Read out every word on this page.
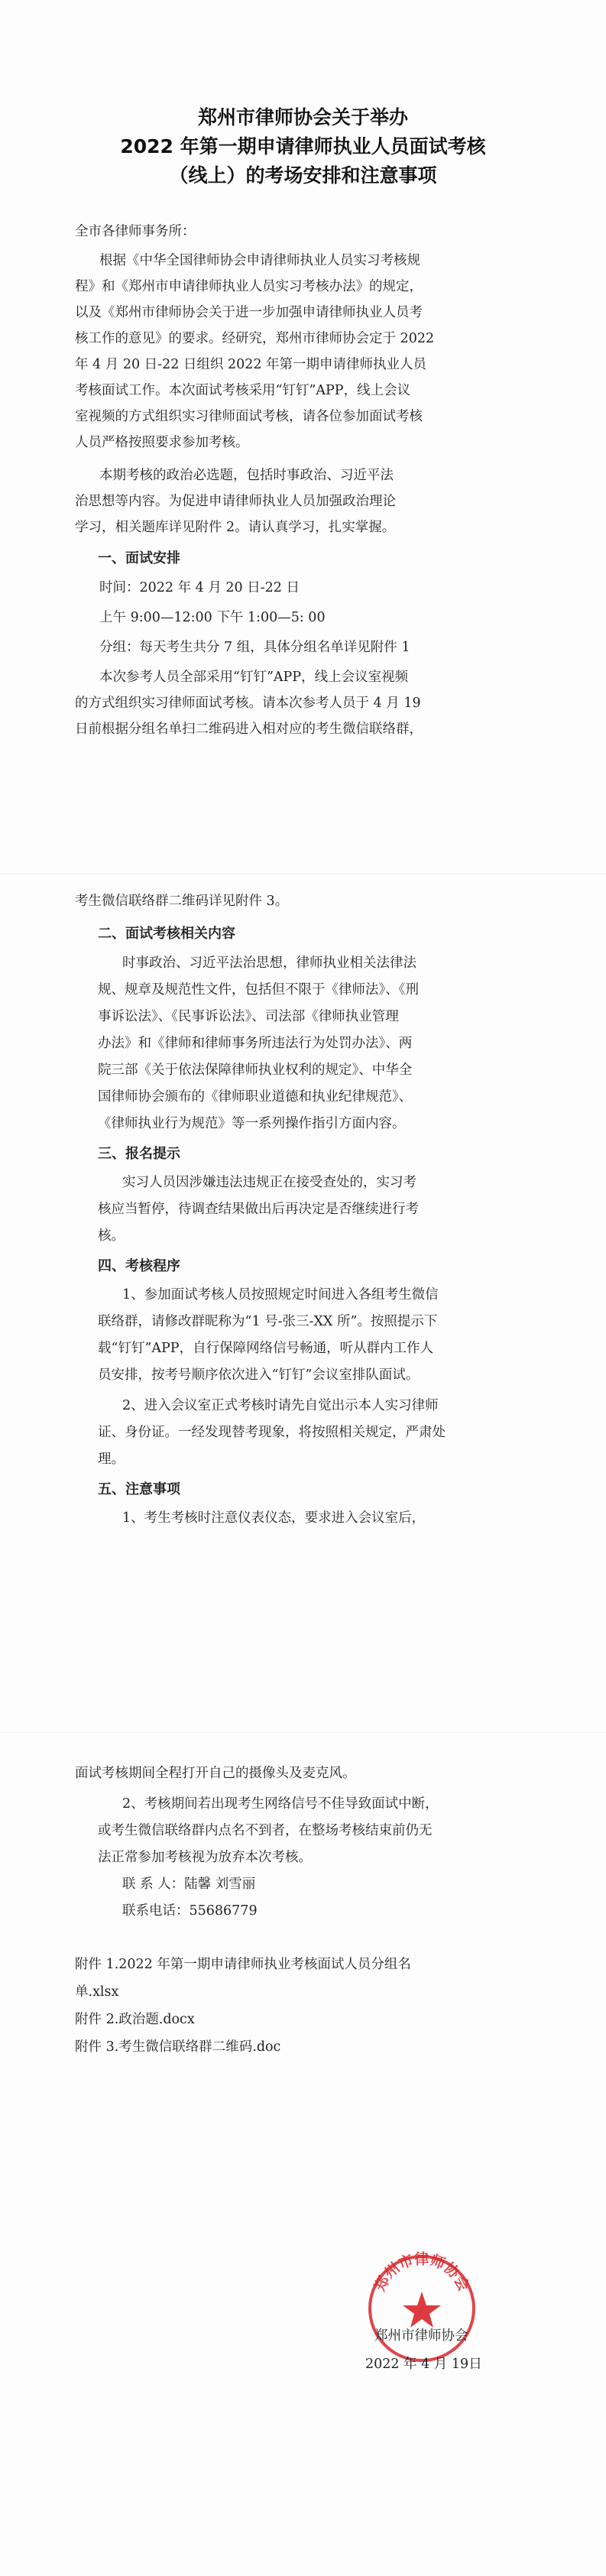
郑州市律师协会关于举办
2022 年第一期申请律师执业人员面试考核
（线上）的考场安排和注意事项

全市各律师事务所：

根据《中华全国律师协会申请律师执业人员实习考核规

程》和《郑州市申请律师执业人员实习考核办法》的规定，

以及《郑州市律师协会关于进一步加强申请律师执业人员考

核工作的意见》的要求。经研究，郑州市律师协会定于 2022

年 4 月 20 日-22 日组织 2022 年第一期申请律师执业人员

考核面试工作。本次面试考核采用“钉钉”APP，线上会议

室视频的方式组织实习律师面试考核，请各位参加面试考核

人员严格按照要求参加考核。

本期考核的政治必选题，包括时事政治、习近平法

治思想等内容。为促进申请律师执业人员加强政治理论

学习，相关题库详见附件 2。请认真学习，扎实掌握。

一、面试安排

时间：2022 年 4 月 20 日-22 日

上午 9:00—12:00 下午 1:00—5: 00

分组：每天考生共分 7 组，具体分组名单详见附件 1

本次参考人员全部采用“钉钉”APP，线上会议室视频

的方式组织实习律师面试考核。请本次参考人员于 4 月 19

日前根据分组名单扫二维码进入相对应的考生微信联络群，

考生微信联络群二维码详见附件 3。

二、面试考核相关内容

时事政治、习近平法治思想，律师执业相关法律法

规、规章及规范性文件，包括但不限于《律师法》、《刑

事诉讼法》、《民事诉讼法》、司法部《律师执业管理

办法》和《律师和律师事务所违法行为处罚办法》、两

院三部《关于依法保障律师执业权利的规定》、中华全

国律师协会颁布的《律师职业道德和执业纪律规范》、

《律师执业行为规范》等一系列操作指引方面内容。

三、报名提示

实习人员因涉嫌违法违规正在接受查处的，实习考

核应当暂停，待调查结果做出后再决定是否继续进行考

核。

四、考核程序

1、参加面试考核人员按照规定时间进入各组考生微信

联络群，请修改群昵称为“1 号-张三-XX 所”。按照提示下

载“钉钉”APP，自行保障网络信号畅通，听从群内工作人

员安排，按考号顺序依次进入“钉钉”会议室排队面试。

2、进入会议室正式考核时请先自觉出示本人实习律师

证、身份证。一经发现替考现象，将按照相关规定，严肃处

理。

五、注意事项

1、考生考核时注意仪表仪态，要求进入会议室后，

面试考核期间全程打开自己的摄像头及麦克风。

2、考核期间若出现考生网络信号不佳导致面试中断，

或考生微信联络群内点名不到者，在整场考核结束前仍无

法正常参加考核视为放弃本次考核。

联 系 人：陆馨 刘雪丽

联系电话：55686779

附件 1.2022 年第一期申请律师执业考核面试人员分组名

单.xlsx

附件 2.政治题.docx

附件 3.考生微信联络群二维码.doc

郑州市律师协会

郑州市律师协会

2022 年 4 月 19日
